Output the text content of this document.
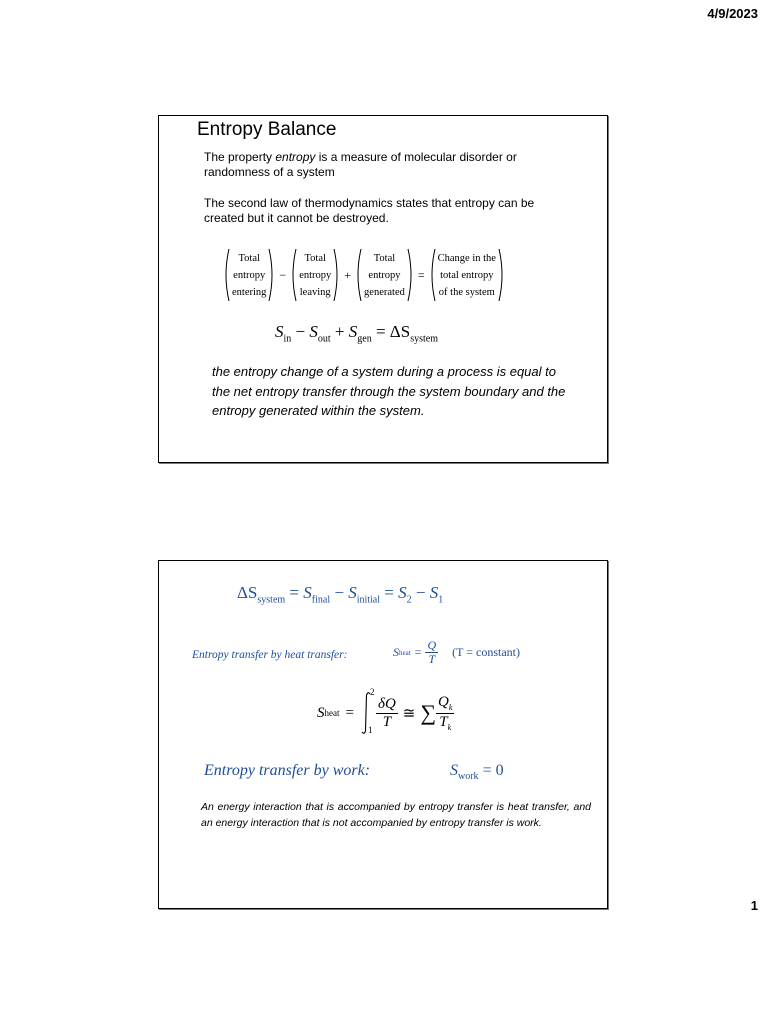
4/9/2023
Entropy Balance

The property entropy is a measure of molecular disorder or randomness of a system

The second law of thermodynamics states that entropy can be created but it cannot be destroyed.

Total
entropy
entering
−
Total
entropy
leaving
+
Total
entropy
generated
=
Change in the
total entropy
of the system
$S_{in} - S_{out} + S_{gen} = \Delta S_{system}$

the entropy change of a system during a process is equal to the net entropy transfer through the system boundary and the entropy generated within the system.

$\Delta S_{system} = S_{final} - S_{initial} = S_2 - S_1$
Entropy transfer by heat transfer:	S heat = $\frac{Q}{T}$	(T = constant)
S heat =
2
$1 \frac{\delta Q}{T}$ ≅ ∑ $\frac{Q_k}{T_k}$
Entropy transfer by work:	$S_{work} = 0$

An energy interaction that is accompanied by entropy transfer is heat transfer, and an energy interaction that is not accompanied by entropy transfer is work.

1
